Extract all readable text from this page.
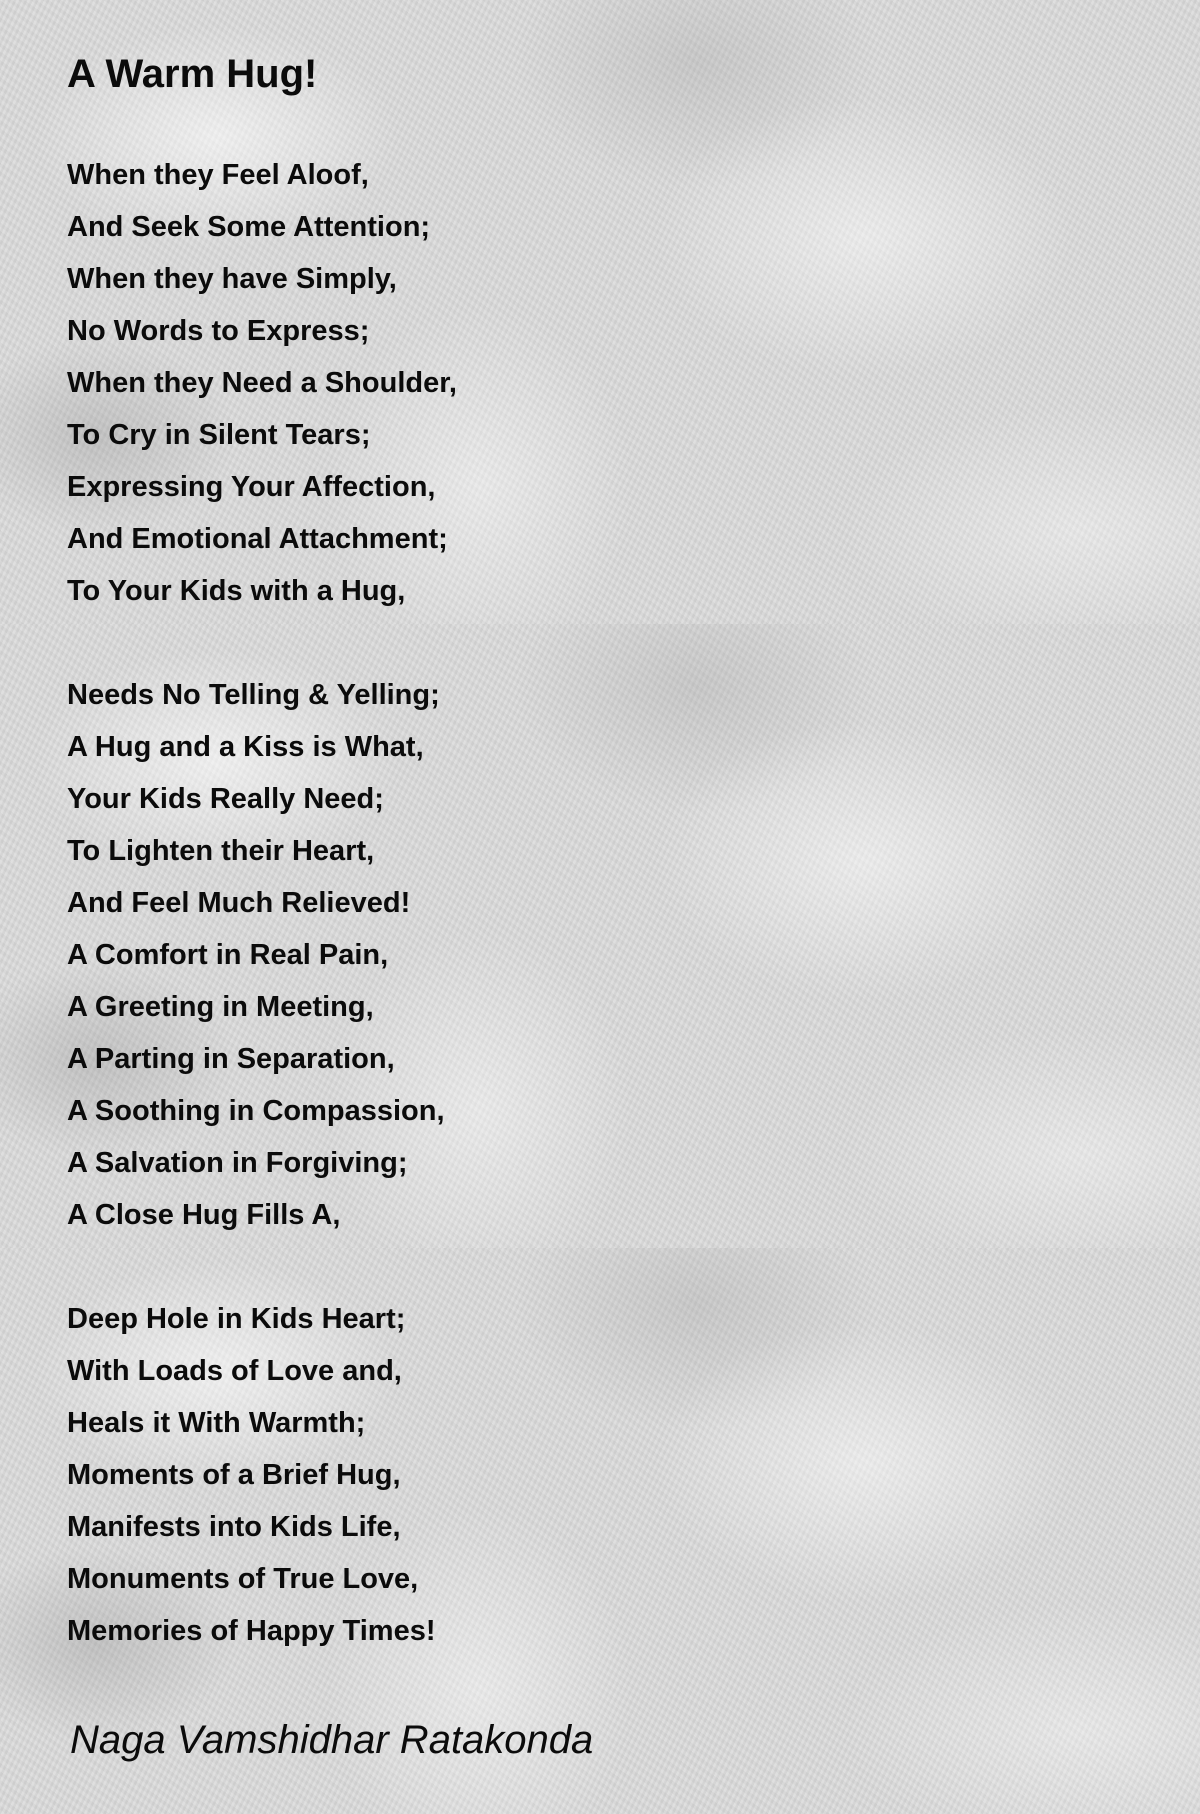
A Warm Hug!
When they Feel Aloof,
And Seek Some Attention;
When they have Simply,
No Words to Express;
When they Need a Shoulder,
To Cry in Silent Tears;
Expressing Your Affection,
And Emotional Attachment;
To Your Kids with a Hug,
Needs No Telling & Yelling;
A Hug and a Kiss is What,
Your Kids Really Need;
To Lighten their Heart,
And Feel Much Relieved!
A Comfort in Real Pain,
A Greeting in Meeting,
A Parting in Separation,
A Soothing in Compassion,
A Salvation in Forgiving;
A Close Hug Fills A,
Deep Hole in Kids Heart;
With Loads of Love and,
Heals it With Warmth;
Moments of a Brief Hug,
Manifests into Kids Life,
Monuments of True Love,
Memories of Happy Times!

Naga Vamshidhar Ratakonda
